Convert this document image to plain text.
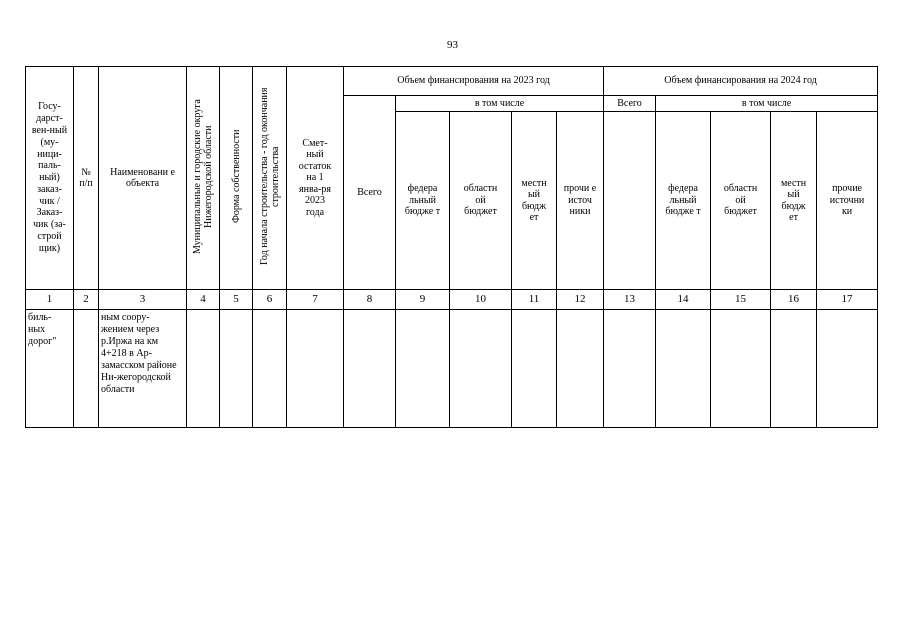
93
Госу-дарст-вен-ный (му-ници-паль-ный) заказ-чик / Заказ-чик (за-строй щик)	№ п/п	Наименовани е объекта	Муниципальные и городские округа Нижегородской области	Форма собственности	Год начала строительства - год окончания строительства	Смет-ный остаток на 1 янва-ря 2023 года	Объем финансирования на 2023 год					Объем финансирования на 2024 год				
							Всего	в том числе				Всего	в том числе			
								федера льный бюдже т	областн ой бюджет	местн ый бюдж ет	прочи е источ ники		федера льный бюдже т	областн ой бюджет	местн ый бюдж ет	прочие источни ки
1	2	3	4	5	6	7	8	9	10	11	12	13	14	15	16	17
биль-ных дорог"		ным соору-жением через р.Иржа на км 4+218 в Ар-замасском районе Ни-жегородской области														
